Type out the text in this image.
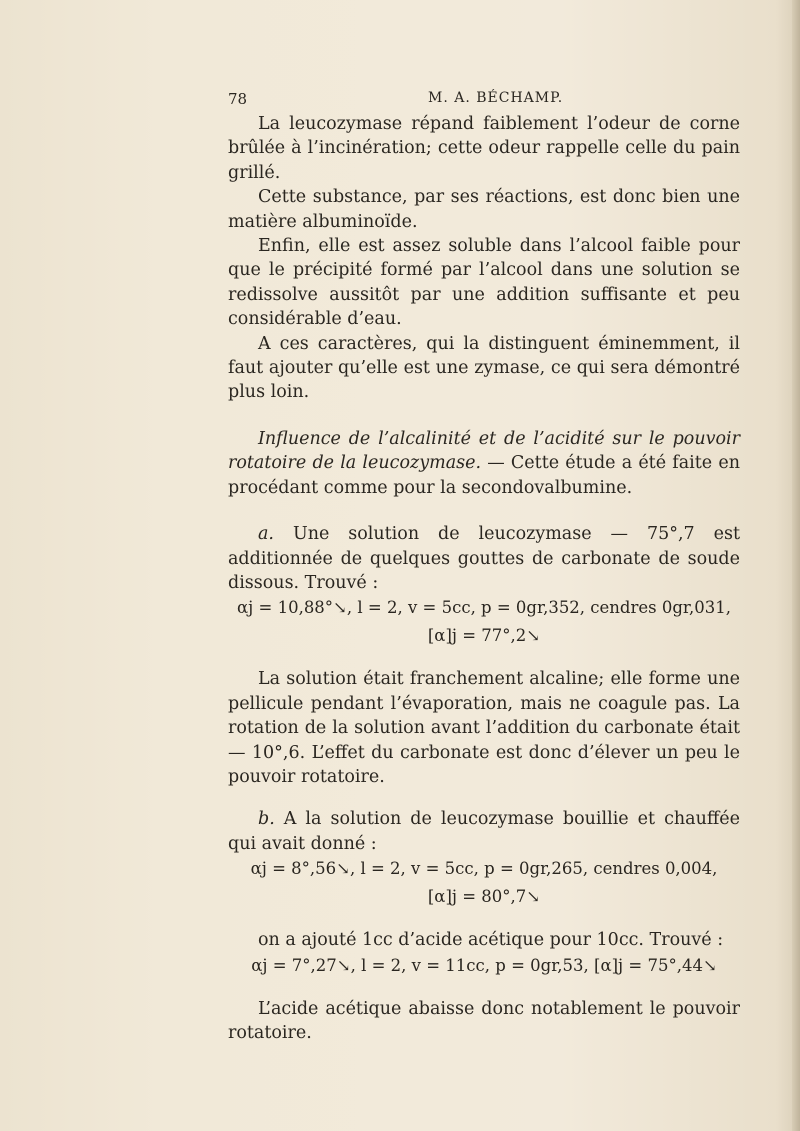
78	M. A. BÉCHAMP.

La leucozymase répand faiblement l’odeur de corne brûlée à l’incinération; cette odeur rappelle celle du pain grillé.

Cette substance, par ses réactions, est donc bien une matière albuminoïde.

Enfin, elle est assez soluble dans l’alcool faible pour que le précipité formé par l’alcool dans une solution se redissolve aussitôt par une addition suffisante et peu considérable d’eau.

A ces caractères, qui la distinguent éminemment, il faut ajouter qu’elle est une zymase, ce qui sera démontré plus loin.

Influence de l’alcalinité et de l’acidité sur le pouvoir rotatoire de la leucozymase. — Cette étude a été faite en procédant comme pour la secondovalbumine.

a. Une solution de leucozymase — 75°,7 est additionnée de quelques gouttes de carbonate de soude dissous. Trouvé :

αj = 10,88°↘, l = 2, v = 5cc, p = 0gr,352, cendres 0gr,031,

[α]j = 77°,2↘

La solution était franchement alcaline; elle forme une pellicule pendant l’évaporation, mais ne coagule pas. La rotation de la solution avant l’addition du carbonate était — 10°,6. L’effet du carbonate est donc d’élever un peu le pouvoir rotatoire.

b. A la solution de leucozymase bouillie et chauffée qui avait donné :

αj = 8°,56↘, l = 2, v = 5cc, p = 0gr,265, cendres 0,004,

[α]j = 80°,7↘

on a ajouté 1cc d’acide acétique pour 10cc. Trouvé :

αj = 7°,27↘, l = 2, v = 11cc, p = 0gr,53, [α]j = 75°,44↘

L’acide acétique abaisse donc notablement le pouvoir rotatoire.
